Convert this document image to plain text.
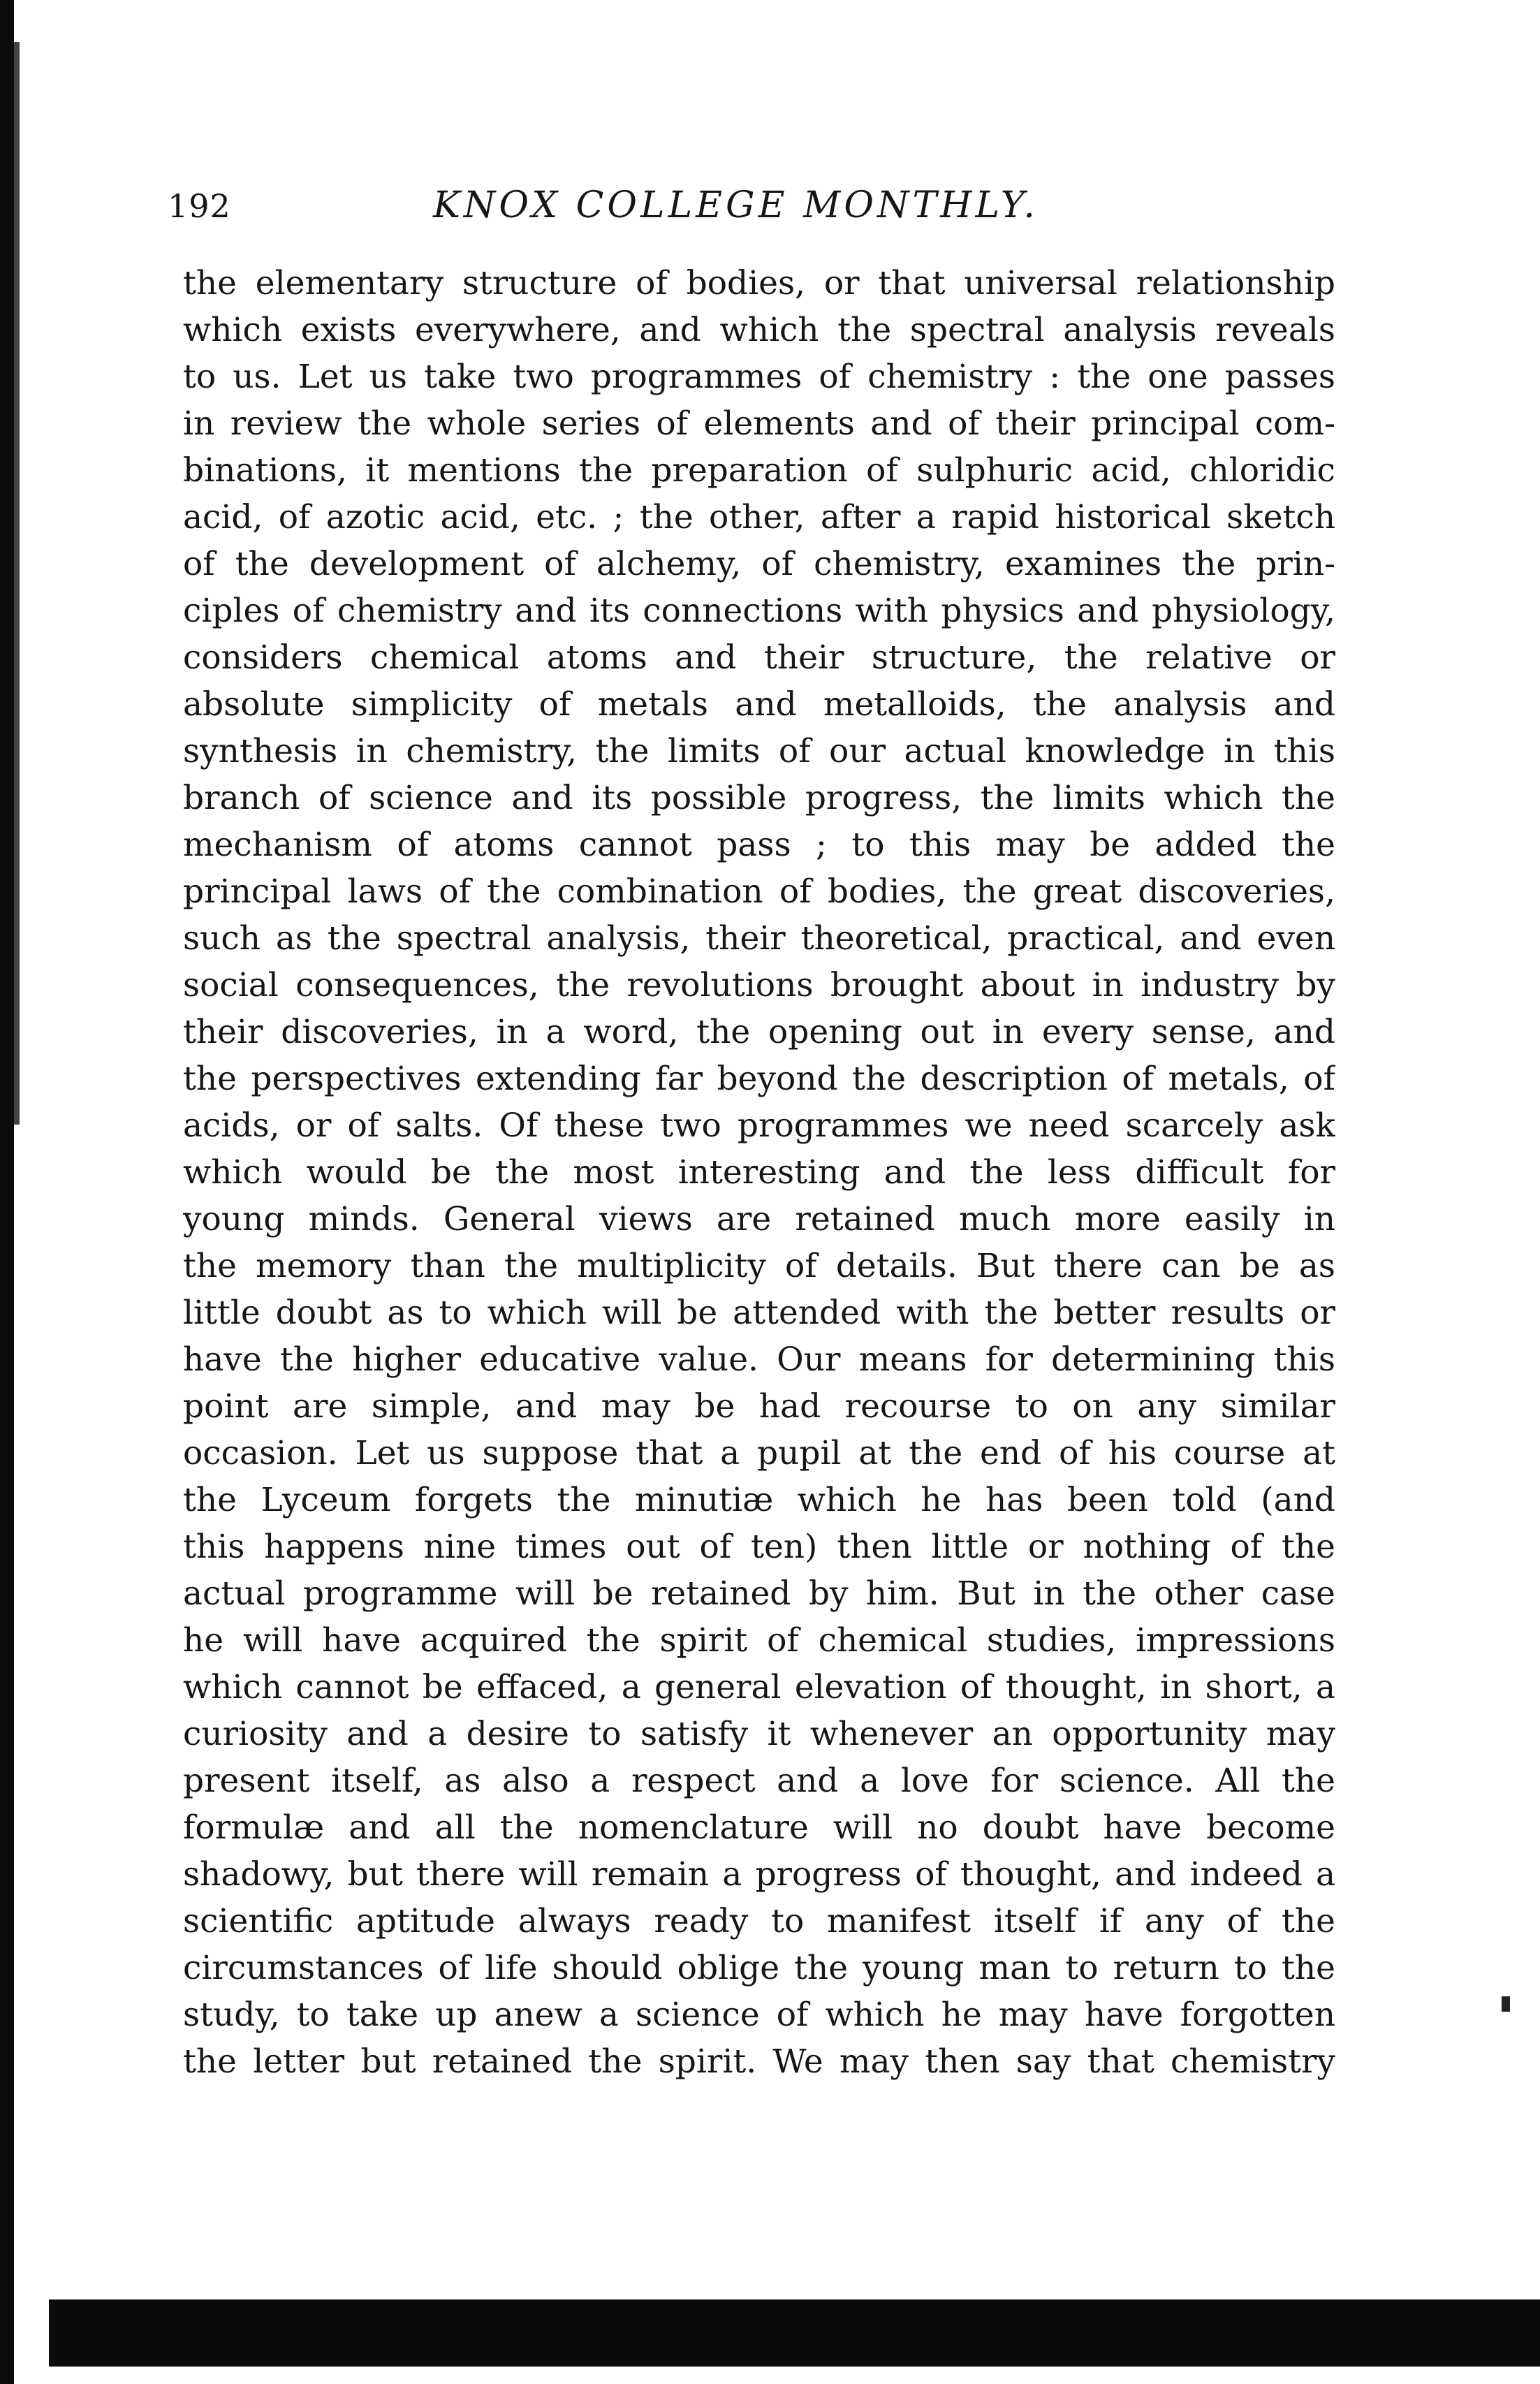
192	KNOX COLLEGE MONTHLY.
the elementary structure of bodies, or that universal relationship
which exists everywhere, and which the spectral analysis reveals
to us. Let us take two programmes of chemistry : the one passes
in review the whole series of elements and of their principal com-
binations, it mentions the preparation of sulphuric acid, chloridic
acid, of azotic acid, etc. ; the other, after a rapid historical sketch
of the development of alchemy, of chemistry, examines the prin-
ciples of chemistry and its connections with physics and physiology,
considers chemical atoms and their structure, the relative or
absolute simplicity of metals and metalloids, the analysis and
synthesis in chemistry, the limits of our actual knowledge in this
branch of science and its possible progress, the limits which the
mechanism of atoms cannot pass ; to this may be added the
principal laws of the combination of bodies, the great discoveries,
such as the spectral analysis, their theoretical, practical, and even
social consequences, the revolutions brought about in industry by
their discoveries, in a word, the opening out in every sense, and
the perspectives extending far beyond the description of metals, of
acids, or of salts. Of these two programmes we need scarcely ask
which would be the most interesting and the less difficult for
young minds. General views are retained much more easily in
the memory than the multiplicity of details. But there can be as
little doubt as to which will be attended with the better results or
have the higher educative value. Our means for determining this
point are simple, and may be had recourse to on any similar
occasion. Let us suppose that a pupil at the end of his course at
the Lyceum forgets the minutiæ which he has been told (and
this happens nine times out of ten) then little or nothing of the
actual programme will be retained by him. But in the other case
he will have acquired the spirit of chemical studies, impressions
which cannot be effaced, a general elevation of thought, in short, a
curiosity and a desire to satisfy it whenever an opportunity may
present itself, as also a respect and a love for science. All the
formulæ and all the nomenclature will no doubt have become
shadowy, but there will remain a progress of thought, and indeed a
scientific aptitude always ready to manifest itself if any of the
circumstances of life should oblige the young man to return to the
study, to take up anew a science of which he may have forgotten
the letter but retained the spirit. We may then say that chemistry
